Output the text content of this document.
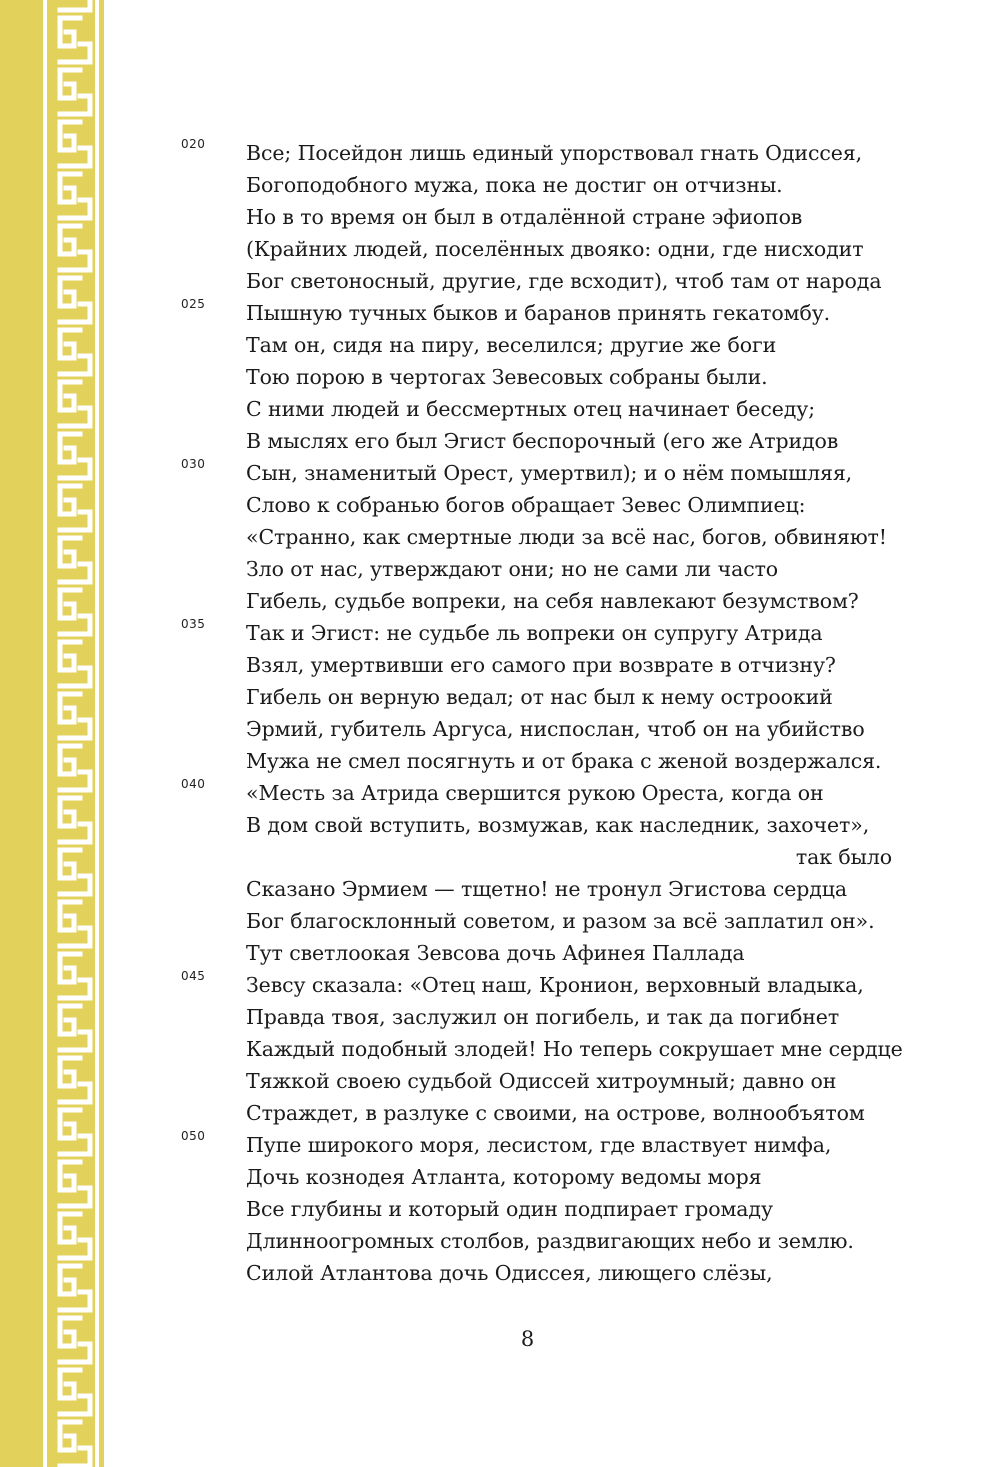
020 Все; Посейдон лишь единый упорствовал гнать Одиссея,
Богоподобного мужа, пока не достиг он отчизны.
Но в то время он был в отдалённой стране эфиопов
(Крайних людей, поселённых двояко: одни, где нисходит
Бог светоносный, другие, где всходит), чтоб там от народа
025 Пышную тучных быков и баранов принять гекатомбу.
Там он, сидя на пиру, веселился; другие же боги
Тою порою в чертогах Зевесовых собраны были.
С ними людей и бессмертных отец начинает беседу;
В мыслях его был Эгист беспорочный (его же Атридов
030 Сын, знаменитый Орест, умертвил); и о нём помышляя,
Слово к собранью богов обращает Зевес Олимпиец:
«Странно, как смертные люди за всё нас, богов, обвиняют!
Зло от нас, утверждают они; но не сами ли часто
Гибель, судьбе вопреки, на себя навлекают безумством?
035 Так и Эгист: не судьбе ль вопреки он супругу Атрида
Взял, умертвивши его самого при возврате в отчизну?
Гибель он верную ведал; от нас был к нему остроокий
Эрмий, губитель Аргуса, ниспослан, чтоб он на убийство
Мужа не смел посягнуть и от брака с женой воздержался.
040 «Месть за Атрида свершится рукою Ореста, когда он
В дом свой вступить, возмужав, как наследник, захочет»,
так было
Сказано Эрмием — тщетно! не тронул Эгистова сердца
Бог благосклонный советом, и разом за всё заплатил он».
Тут светлоокая Зевсова дочь Афинея Паллада
045 Зевсу сказала: «Отец наш, Кронион, верховный владыка,
Правда твоя, заслужил он погибель, и так да погибнет
Каждый подобный злодей! Но теперь сокрушает мне сердце
Тяжкой своею судьбой Одиссей хитроумный; давно он
Страждет, в разлуке с своими, на острове, волнообъятом
050 Пупе широкого моря, лесистом, где властвует нимфа,
Дочь кознодея Атланта, которому ведомы моря
Все глубины и который один подпирает громаду
Длинноогромных столбов, раздвигающих небо и землю.
Силой Атлантова дочь Одиссея, лиющего слёзы,
8
